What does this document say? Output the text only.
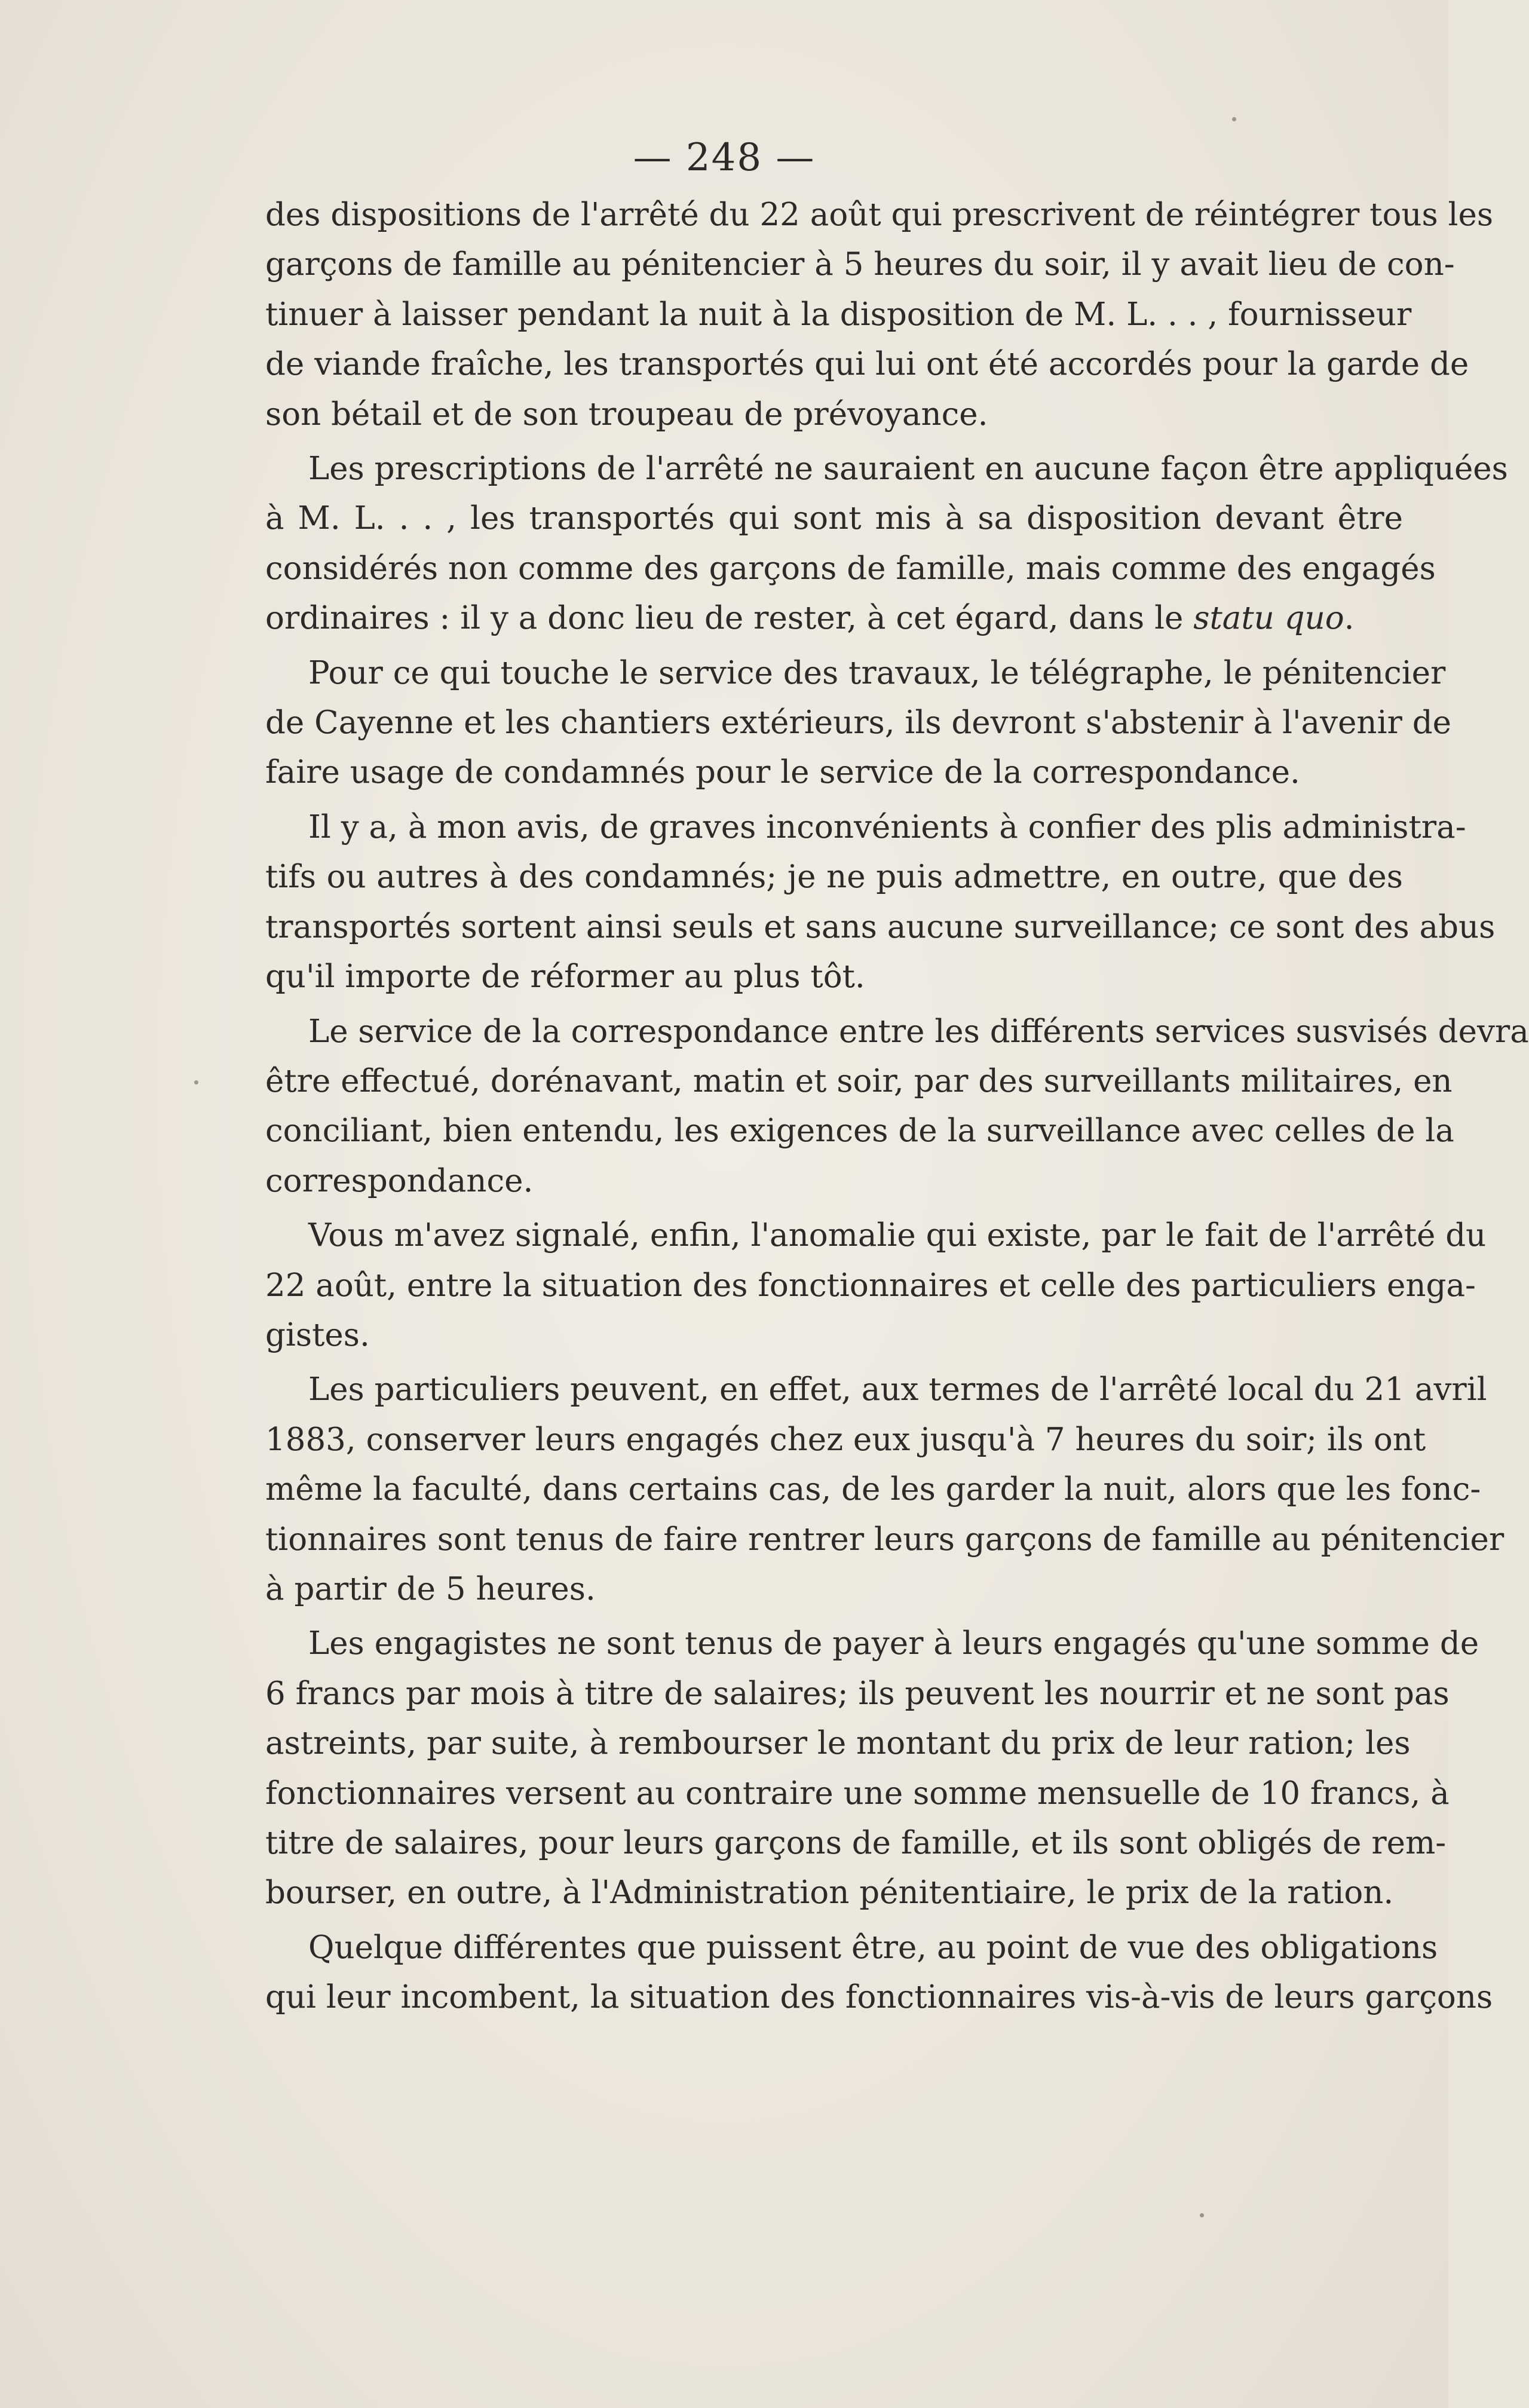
— 248 —
des dispositions de l'arrêté du 22 août qui prescrivent de réintégrer tous les
garçons de famille au pénitencier à 5 heures du soir, il y avait lieu de con-
tinuer à laisser pendant la nuit à la disposition de M. L. . . , fournisseur
de viande fraîche, les transportés qui lui ont été accordés pour la garde de
son bétail et de son troupeau de prévoyance.
Les prescriptions de l'arrêté ne sauraient en aucune façon être appliquées
à M. L. . . , les transportés qui sont mis à sa disposition devant être
considérés non comme des garçons de famille, mais comme des engagés
ordinaires : il y a donc lieu de rester, à cet égard, dans le statu quo.
Pour ce qui touche le service des travaux, le télégraphe, le pénitencier
de Cayenne et les chantiers extérieurs, ils devront s'abstenir à l'avenir de
faire usage de condamnés pour le service de la correspondance.
Il y a, à mon avis, de graves inconvénients à confier des plis administra-
tifs ou autres à des condamnés; je ne puis admettre, en outre, que des
transportés sortent ainsi seuls et sans aucune surveillance; ce sont des abus
qu'il importe de réformer au plus tôt.
Le service de la correspondance entre les différents services susvisés devra
être effectué, dorénavant, matin et soir, par des surveillants militaires, en
conciliant, bien entendu, les exigences de la surveillance avec celles de la
correspondance.
Vous m'avez signalé, enfin, l'anomalie qui existe, par le fait de l'arrêté du
22 août, entre la situation des fonctionnaires et celle des particuliers enga-
gistes.
Les particuliers peuvent, en effet, aux termes de l'arrêté local du 21 avril
1883, conserver leurs engagés chez eux jusqu'à 7 heures du soir; ils ont
même la faculté, dans certains cas, de les garder la nuit, alors que les fonc-
tionnaires sont tenus de faire rentrer leurs garçons de famille au pénitencier
à partir de 5 heures.
Les engagistes ne sont tenus de payer à leurs engagés qu'une somme de
6 francs par mois à titre de salaires; ils peuvent les nourrir et ne sont pas
astreints, par suite, à rembourser le montant du prix de leur ration; les
fonctionnaires versent au contraire une somme mensuelle de 10 francs, à
titre de salaires, pour leurs garçons de famille, et ils sont obligés de rem-
bourser, en outre, à l'Administration pénitentiaire, le prix de la ration.
Quelque différentes que puissent être, au point de vue des obligations
qui leur incombent, la situation des fonctionnaires vis-à-vis de leurs garçons
